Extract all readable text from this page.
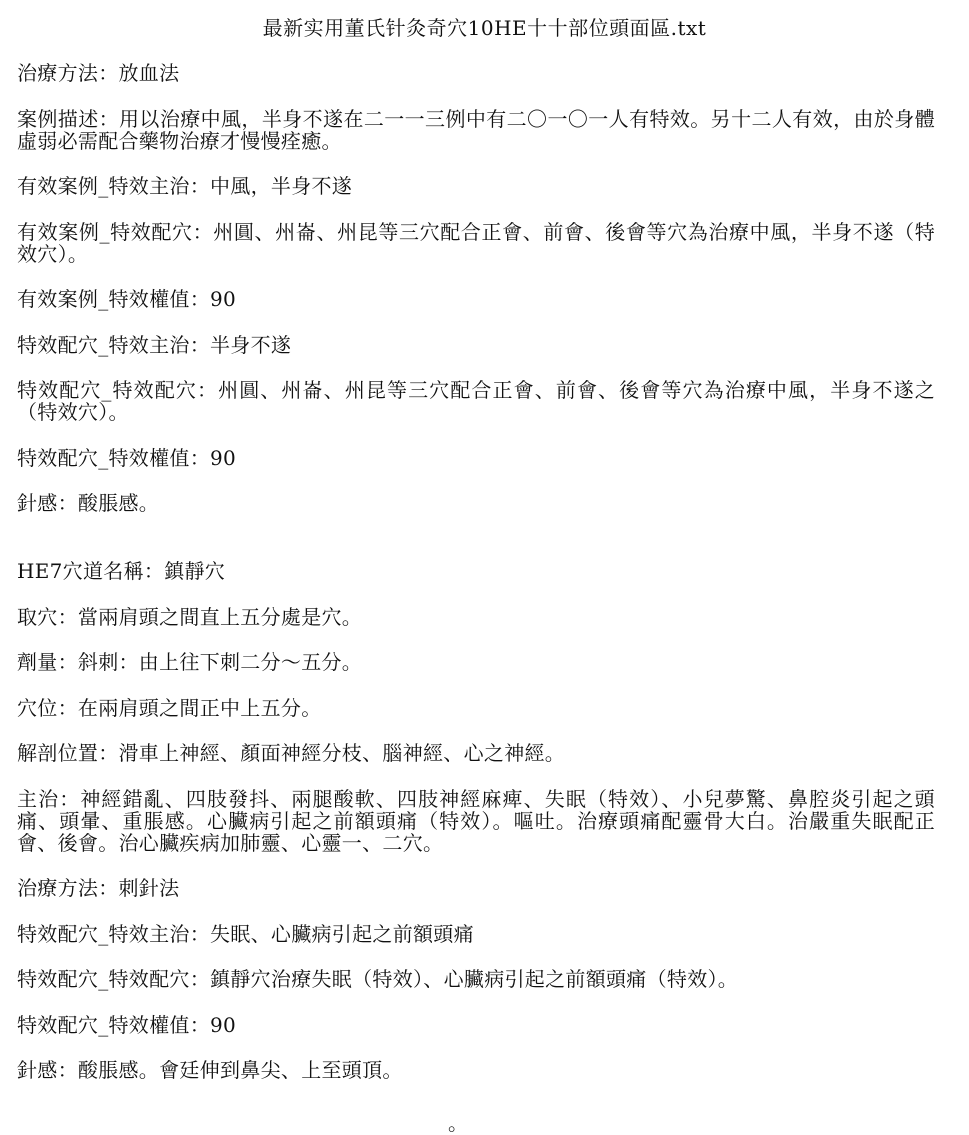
最新实用董氏针灸奇穴10HE十十部位頭面區.txt

治療方法：放血法

案例描述：用以治療中風，半身不遂在二一一三例中有二〇一〇一人有特效。另十二人有效，由於身體虛弱必需配合藥物治療才慢慢痊癒。

有效案例_特效主治：中風，半身不遂

有效案例_特效配穴：州圓、州崙、州昆等三穴配合正會、前會、後會等穴為治療中風，半身不遂（特效穴）。

有效案例_特效權值：90

特效配穴_特效主治：半身不遂

特效配穴_特效配穴：州圓、州崙、州昆等三穴配合正會、前會、後會等穴為治療中風，半身不遂之（特效穴）。

特效配穴_特效權值：90

針感：酸脹感。

HE7穴道名稱：鎮靜穴

取穴：當兩肩頭之間直上五分處是穴。

劑量：斜刺：由上往下刺二分～五分。

穴位：在兩肩頭之間正中上五分。

解剖位置：滑車上神經、顏面神經分枝、腦神經、心之神經。

主治：神經錯亂、四肢發抖、兩腿酸軟、四肢神經麻痺、失眠（特效）、小兒夢驚、鼻腔炎引起之頭痛、頭暈、重脹感。心臟病引起之前額頭痛（特效）。嘔吐。治療頭痛配靈骨大白。治嚴重失眠配正會、後會。治心臟疾病加肺靈、心靈一、二穴。

治療方法：刺針法

特效配穴_特效主治：失眠、心臟病引起之前額頭痛

特效配穴_特效配穴：鎮靜穴治療失眠（特效）、心臟病引起之前額頭痛（特效）。

特效配穴_特效權值：90

針感：酸脹感。會廷伸到鼻尖、上至頭頂。

。
